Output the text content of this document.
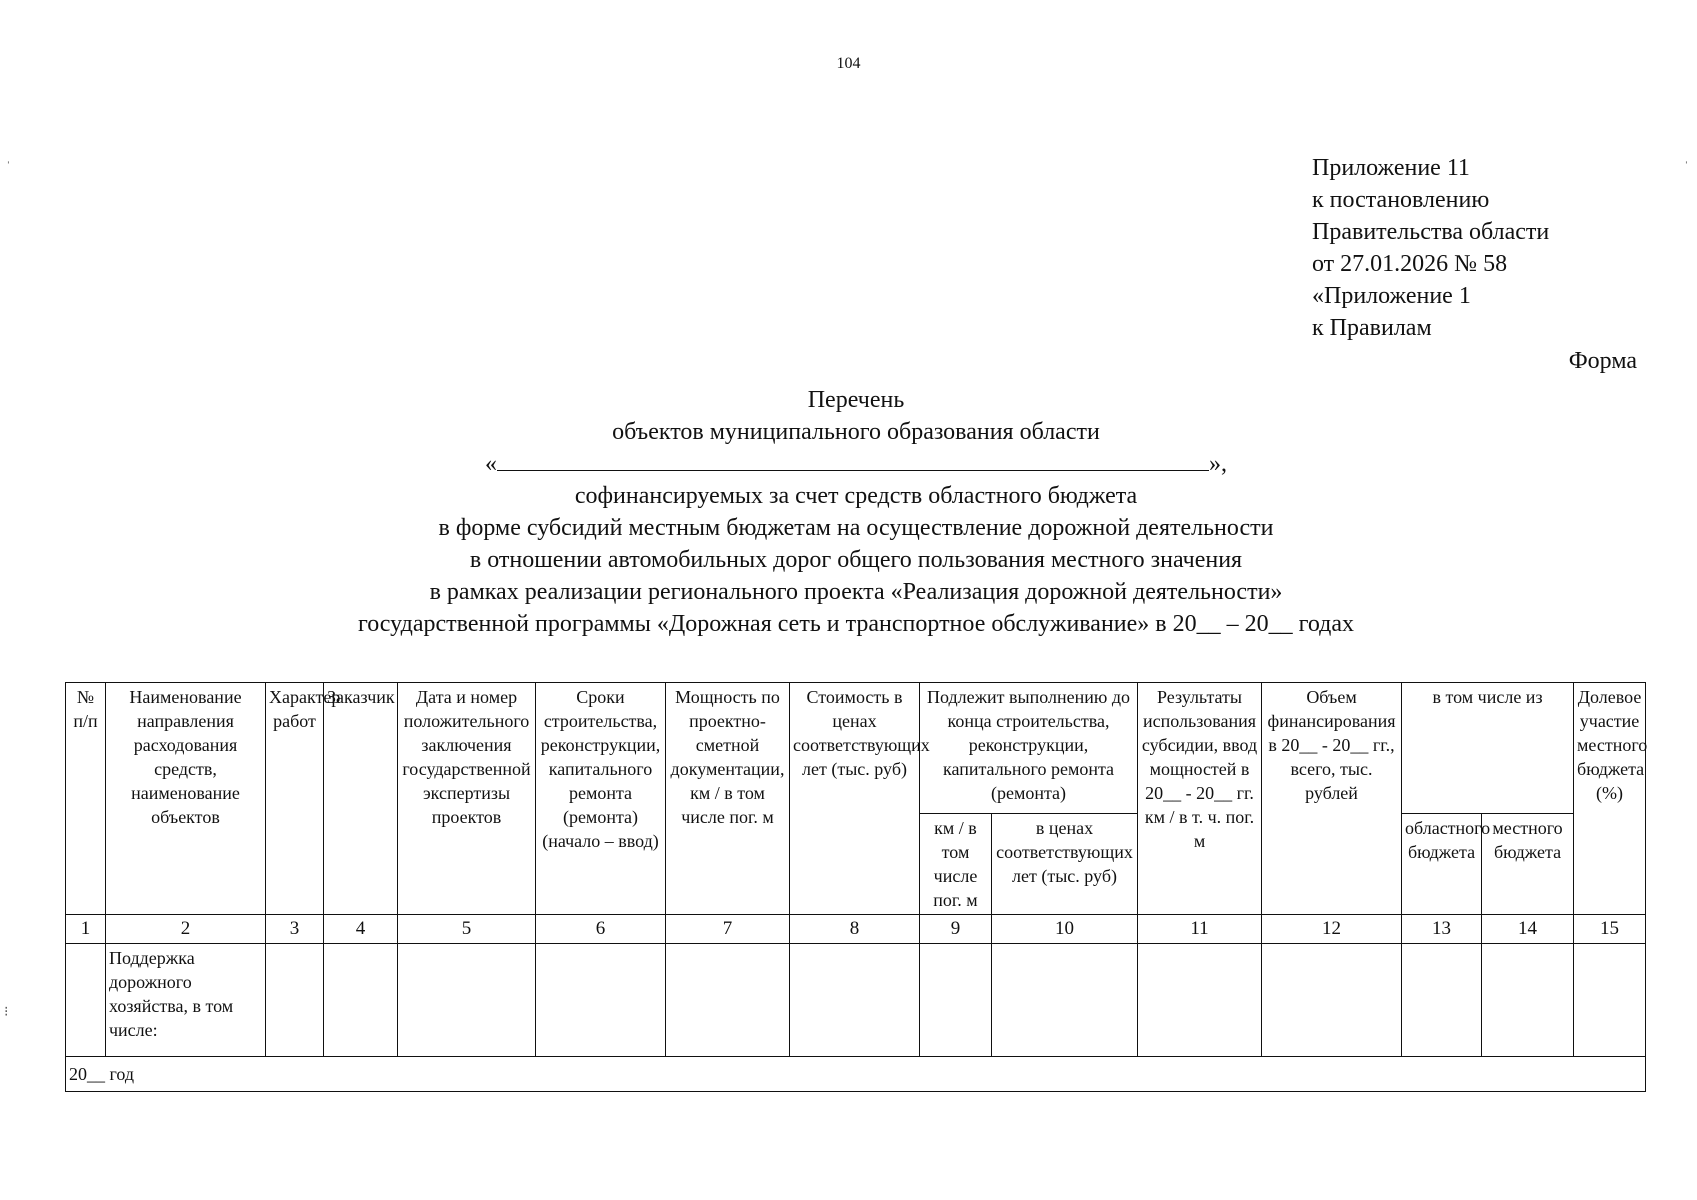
104
ˈ	ˈ
⁝
Приложение 11
к постановлению
Правительства области
от 27.01.2026 № 58
«Приложение 1
к Правилам
Форма
Перечень
объектов муниципального образования области
«	»,
софинансируемых за счет средств областного бюджета
в форме субсидий местным бюджетам на осуществление дорожной деятельности
в отношении автомобильных дорог общего пользования местного значения
в рамках реализации регионального проекта «Реализация дорожной деятельности»
государственной программы «Дорожная сеть и транспортное обслуживание» в 20__ – 20__ годах
№ п/п	Наименование направления расходования средств, наименование объектов	Характер работ	Заказчик	Дата и номер положительного заключения государственной экспертизы проектов	Сроки строительства, реконструкции, капитального ремонта (ремонта) (начало – ввод)	Мощность по проектно-сметной документации, км / в том числе пог. м	Стоимость в ценах соответствующих лет (тыс. руб)	Подлежит выполнению до конца строительства, реконструкции, капитального ремонта (ремонта)		Результаты использования субсидии, ввод мощностей в 20__ - 20__ гг. км / в т. ч. пог. м	Объем финансирования в 20__ - 20__ гг., всего, тыс. рублей	в том числе из		Долевое участие местного бюджета (%)
								км / в том числе пог. м	в ценах соответствующих лет (тыс. руб)			областного бюджета	местного бюджета	
1	2	3	4	5	6	7	8	9	10	11	12	13	14	15
	Поддержка дорожного хозяйства, в том числе:													
20__ год														
